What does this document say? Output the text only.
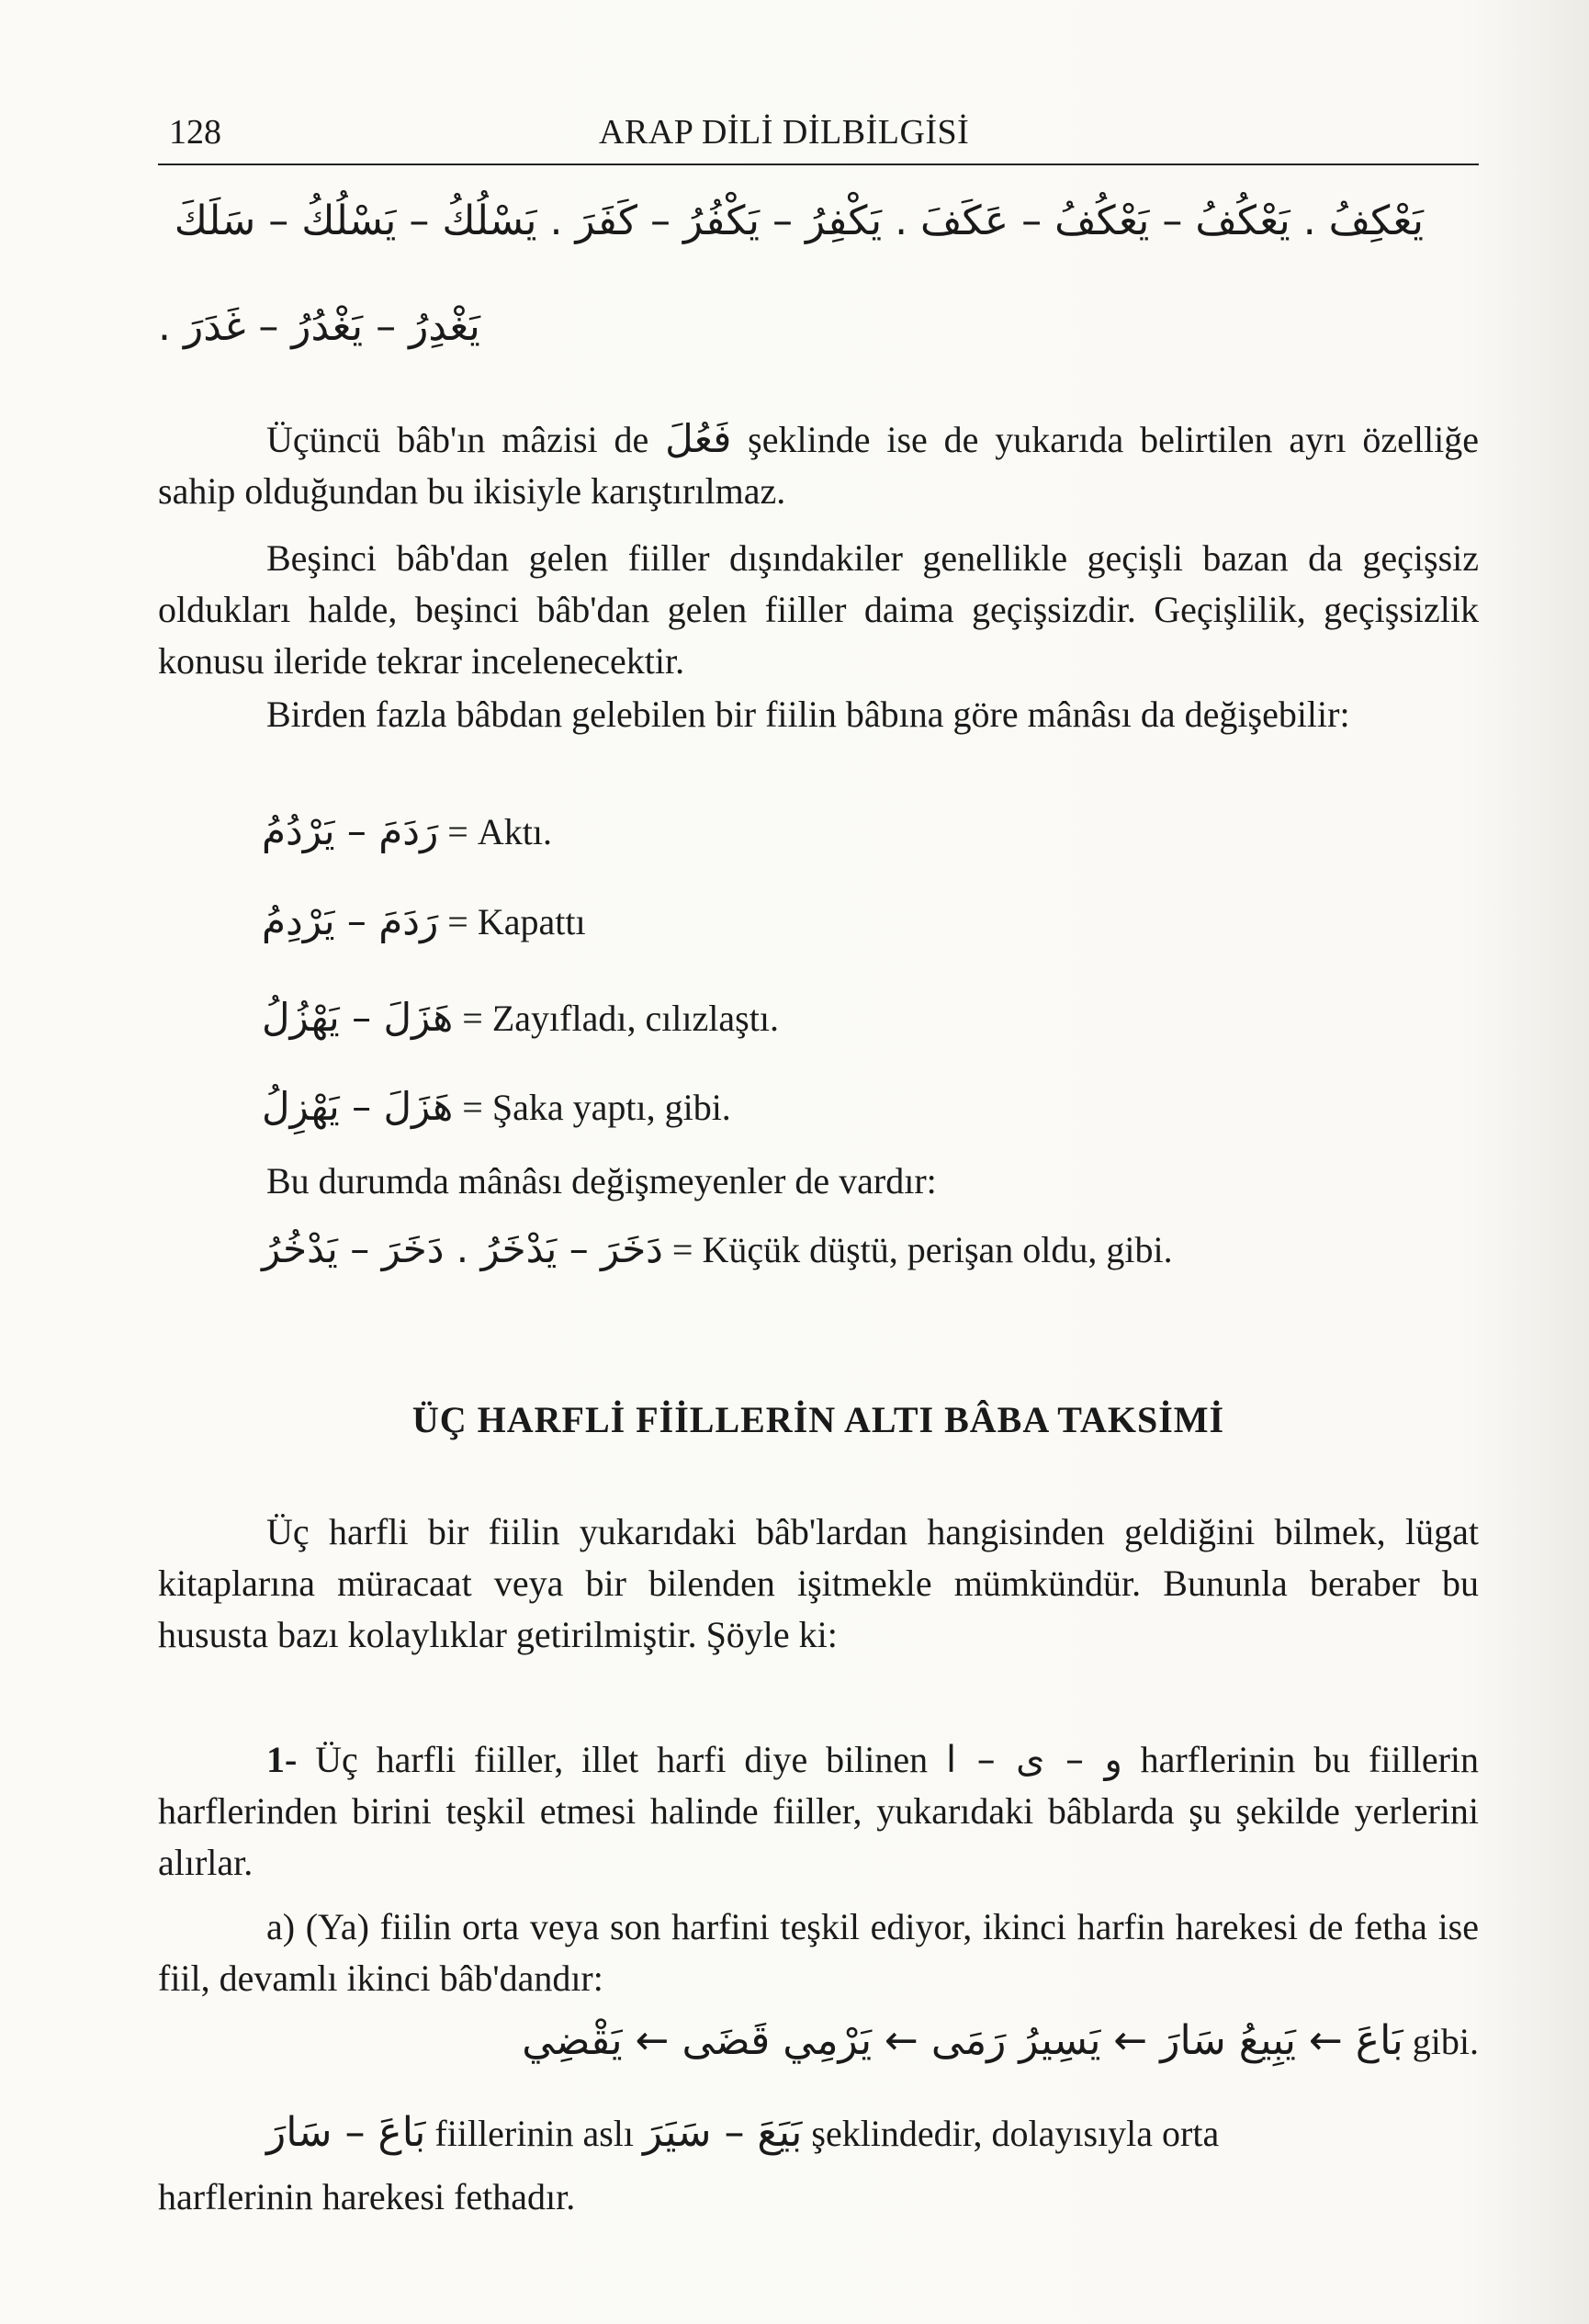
128	ARAP DİLİ DİLBİLGİSİ
يَعْكِفُ . يَعْكُفُ – يَعْكُفُ – عَكَفَ . يَكْفِرُ – يَكْفُرُ – كَفَرَ . يَسْلُكُ – يَسْلُكُ – سَلَكَ
يَغْدِرُ – يَغْدُرُ – غَدَرَ .
Üçüncü bâb'ın mâzisi de فَعُلَ şeklinde ise de yukarıda belirtilen ayrı özelliğe sahip olduğundan bu ikisiyle karıştırılmaz.
Beşinci bâb'dan gelen fiiller dışındakiler genellikle geçişli bazan da geçişsiz oldukları halde, beşinci bâb'dan gelen fiiller daima geçişsizdir. Geçişlilik, geçişsizlik konusu ileride tekrar incelenecektir.
Birden fazla bâbdan gelebilen bir fiilin bâbına göre mânâsı da değişebilir:
رَدَمَ – يَرْدُمُ = Aktı.
رَدَمَ – يَرْدِمُ = Kapattı
هَزَلَ – يَهْزُلُ = Zayıfladı, cılızlaştı.
هَزَلَ – يَهْزِلُ = Şaka yaptı, gibi.
Bu durumda mânâsı değişmeyenler de vardır:
دَخَرَ – يَدْخَرُ . دَخَرَ – يَدْخُرُ = Küçük düştü, perişan oldu, gibi.
ÜÇ HARFLİ FİİLLERİN ALTI BÂBA TAKSİMİ
Üç harfli bir fiilin yukarıdaki bâb'lardan hangisinden geldiğini bilmek, lügat kitaplarına müracaat veya bir bilenden işitmekle mümkündür. Bununla beraber bu hususta bazı kolaylıklar getirilmiştir. Şöyle ki:
1- Üç harfli fiiller, illet harfi diye bilinen و – ى – ا harflerinin bu fiillerin harflerinden birini teşkil etmesi halinde fiiller, yukarıdaki bâblarda şu şekilde yerlerini alırlar.
a) (Ya) fiilin orta veya son harfini teşkil ediyor, ikinci harfin harekesi de fetha ise fiil, devamlı ikinci bâb'dandır:
بَاعَ ← يَبِيعُ سَارَ ← يَسِيرُ رَمَى ← يَرْمِي قَضَى ← يَقْضِي gibi.
بَاعَ – سَارَ fiillerinin aslı بَيَعَ – سَيَرَ şeklindedir, dolayısıyla orta
harflerinin harekesi fethadır.
